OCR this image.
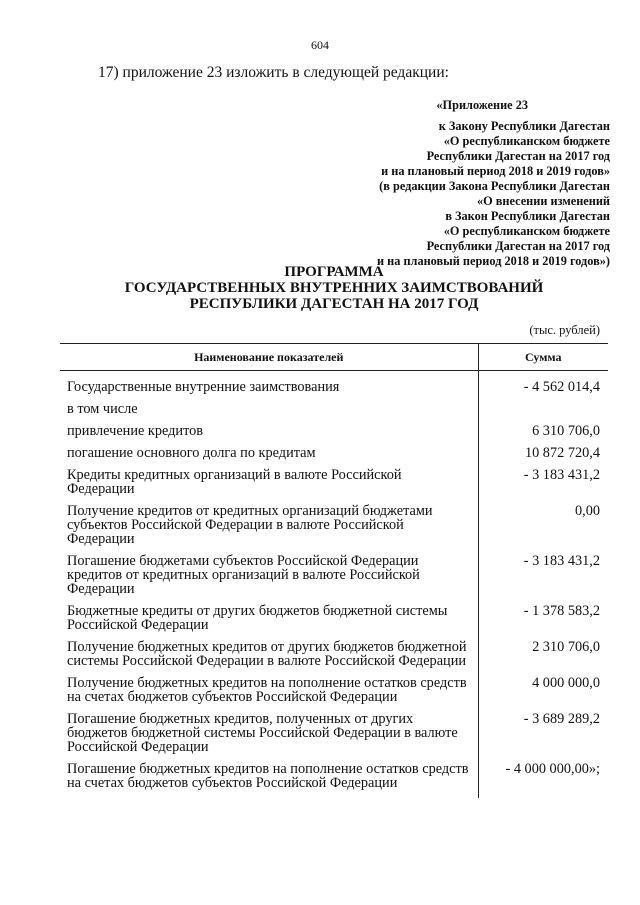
604
17) приложение 23 изложить в следующей редакции:
«Приложение 23
к Закону Республики Дагестан
«О республиканском бюджете
Республики Дагестан на 2017 год
и на плановый период 2018 и 2019 годов»
(в редакции Закона Республики Дагестан
«О внесении изменений
в Закон Республики Дагестан
«О республиканском бюджете
Республики Дагестан на 2017 год
и на плановый период 2018 и 2019 годов»)
ПРОГРАММА
ГОСУДАРСТВЕННЫХ ВНУТРЕННИХ ЗАИМСТВОВАНИЙ
РЕСПУБЛИКИ ДАГЕСТАН НА 2017 ГОД
(тыс. рублей)
Наименование показателей	Сумма

Государственные внутренние заимствования	- 4 562 014,4

в том числе	

привлечение кредитов	6 310 706,0

погашение основного долга по кредитам	10 872 720,4

Кредиты кредитных организаций в валюте Российской Федерации	- 3 183 431,2

Получение кредитов от кредитных организаций бюджетами субъектов Российской Федерации в валюте Российской Федерации	0,00

Погашение бюджетами субъектов Российской Федерации кредитов от кредитных организаций в валюте Российской Федерации	- 3 183 431,2

Бюджетные кредиты от других бюджетов бюджетной системы Российской Федерации	- 1 378 583,2

Получение бюджетных кредитов от других бюджетов бюджетной системы Российской Федерации в валюте Российской Федерации	2 310 706,0

Получение бюджетных кредитов на пополнение остатков средств на счетах бюджетов субъектов Российской Федерации	4 000 000,0

Погашение бюджетных кредитов, полученных от других бюджетов бюджетной системы Российской Федерации в валюте Российской Федерации	- 3 689 289,2

Погашение бюджетных кредитов на пополнение остатков средств на счетах бюджетов субъектов Российской Федерации	- 4 000 000,00»;
